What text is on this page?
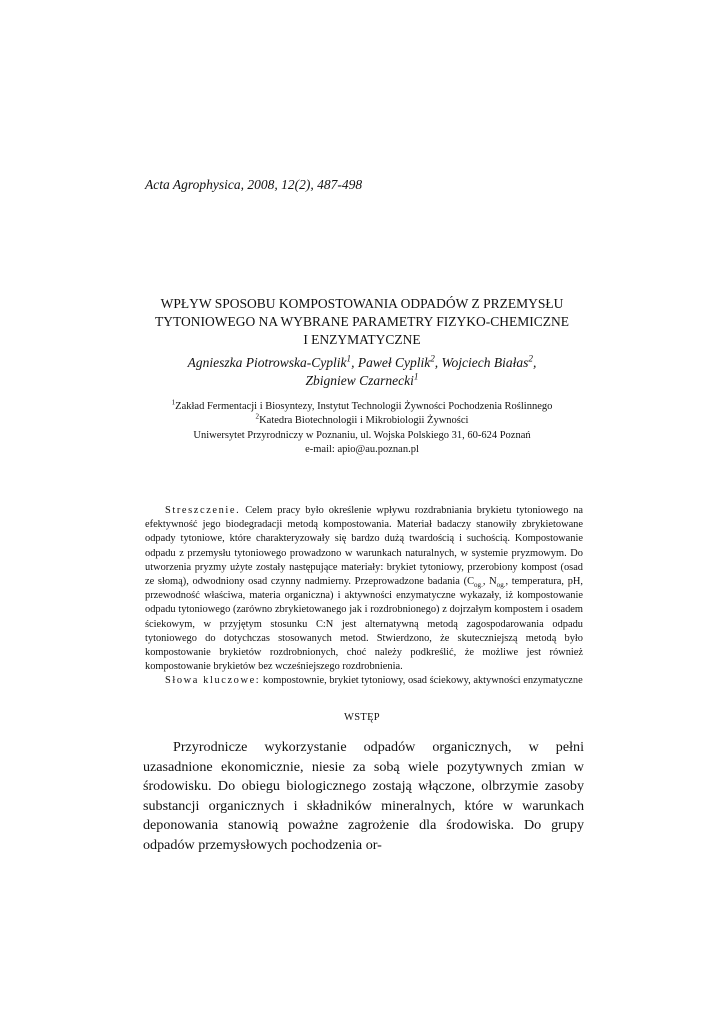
Acta Agrophysica, 2008, 12(2), 487-498
WPŁYW SPOSOBU KOMPOSTOWANIA ODPADÓW Z PRZEMYSŁU
TYTONIOWEGO NA WYBRANE PARAMETRY FIZYKO-CHEMICZNE
I ENZYMATYCZNE
Agnieszka Piotrowska-Cyplik$^1$, Paweł Cyplik$^2$, Wojciech Białas$^2$,
Zbigniew Czarnecki$^1$
$^1$Zakład Fermentacji i Biosyntezy, Instytut Technologii Żywności Pochodzenia Roślinnego
$^2$Katedra Biotechnologii i Mikrobiologii Żywności
Uniwersytet Przyrodniczy w Poznaniu, ul. Wojska Polskiego 31, 60-624 Poznań
e-mail: apio@au.poznan.pl

Streszczenie. Celem pracy było określenie wpływu rozdrabniania brykietu tytoniowego na efektywność jego biodegradacji metodą kompostowania. Materiał badaczy stanowiły zbrykietowane odpady tytoniowe, które charakteryzowały się bardzo dużą twardością i suchością. Kompostowanie odpadu z przemysłu tytoniowego prowadzono w warunkach naturalnych, w systemie pryzmowym. Do utworzenia pryzmy użyte zostały następujące materiały: brykiet tytoniowy, przerobiony kompost (osad ze słomą), odwodniony osad czynny nadmierny. Przeprowadzone badania ($C_{og.}$, $N_{og.}$, temperatura, pH, przewodność właściwa, materia organiczna) i aktywności enzymatyczne wykazały, iż kompostowanie odpadu tytoniowego (zarówno zbrykietowanego jak i rozdrobnionego) z dojrzałym kompostem i osadem ściekowym, w przyjętym stosunku C:N jest alternatywną metodą zagospodarowania odpadu tytoniowego do dotychczas stosowanych metod. Stwierdzono, że skuteczniejszą metodą było kompostowanie brykietów rozdrobnionych, choć należy podkreślić, że możliwe jest również kompostowanie brykietów bez wcześniejszego rozdrobnienia.

Słowa kluczowe: kompostownie, brykiet tytoniowy, osad ściekowy, aktywności enzymatyczne

WSTĘP

Przyrodnicze wykorzystanie odpadów organicznych, w pełni uzasadnione ekonomicznie, niesie za sobą wiele pozytywnych zmian w środowisku. Do obiegu biologicznego zostają włączone, olbrzymie zasoby substancji organicznych i składników mineralnych, które w warunkach deponowania stanowią poważne zagrożenie dla środowiska. Do grupy odpadów przemysłowych pochodzenia or-
